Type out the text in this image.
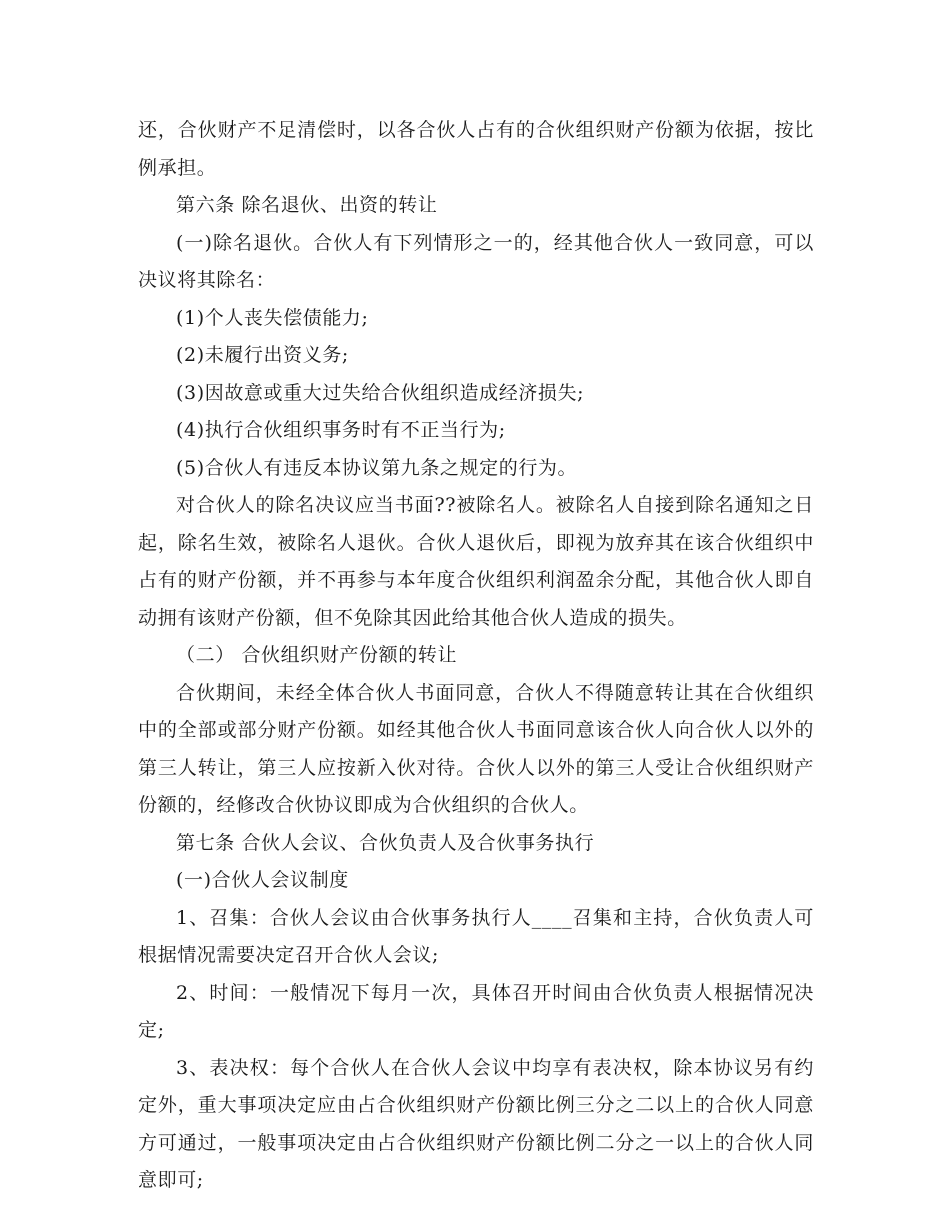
还，合伙财产不足清偿时，以各合伙人占有的合伙组织财产份额为依据，按比例承担。

第六条 除名退伙、出资的转让

(一)除名退伙。合伙人有下列情形之一的，经其他合伙人一致同意，可以决议将其除名：

(1)个人丧失偿债能力;

(2)未履行出资义务;

(3)因故意或重大过失给合伙组织造成经济损失;

(4)执行合伙组织事务时有不正当行为;

(5)合伙人有违反本协议第九条之规定的行为。

对合伙人的除名决议应当书面??被除名人。被除名人自接到除名通知之日起，除名生效，被除名人退伙。合伙人退伙后，即视为放弃其在该合伙组织中占有的财产份额，并不再参与本年度合伙组织利润盈余分配，其他合伙人即自动拥有该财产份额，但不免除其因此给其他合伙人造成的损失。

（二） 合伙组织财产份额的转让

合伙期间，未经全体合伙人书面同意，合伙人不得随意转让其在合伙组织中的全部或部分财产份额。如经其他合伙人书面同意该合伙人向合伙人以外的第三人转让，第三人应按新入伙对待。合伙人以外的第三人受让合伙组织财产份额的，经修改合伙协议即成为合伙组织的合伙人。

第七条 合伙人会议、合伙负责人及合伙事务执行

(一)合伙人会议制度

1、召集：合伙人会议由合伙事务执行人____召集和主持，合伙负责人可根据情况需要决定召开合伙人会议;

2、时间：一般情况下每月一次，具体召开时间由合伙负责人根据情况决定;

3、表决权：每个合伙人在合伙人会议中均享有表决权，除本协议另有约定外，重大事项决定应由占合伙组织财产份额比例三分之二以上的合伙人同意方可通过，一般事项决定由占合伙组织财产份额比例二分之一以上的合伙人同意即可;
